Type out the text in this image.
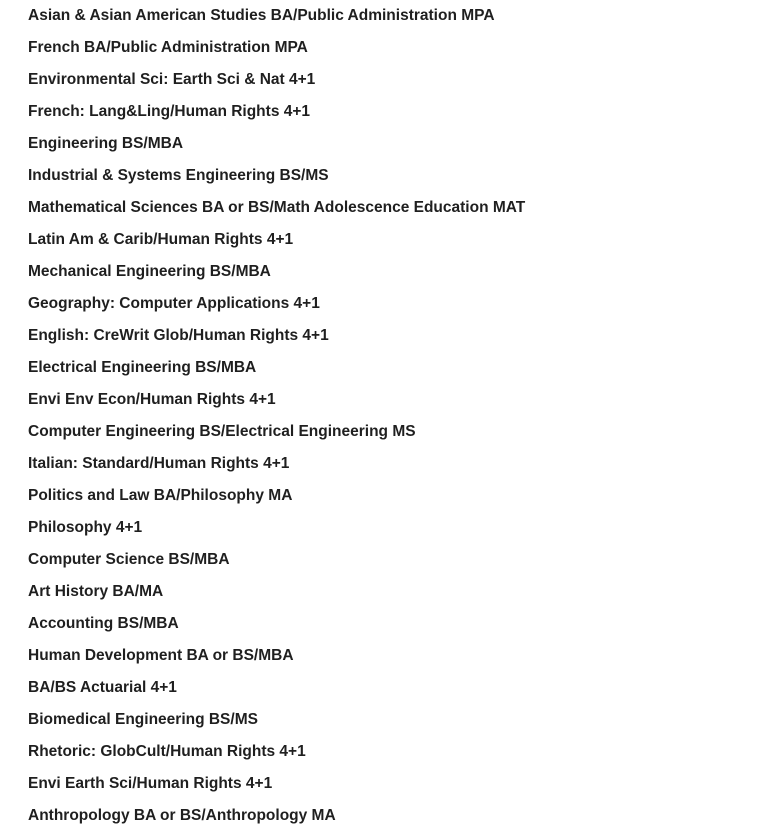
Asian & Asian American Studies BA/Public Administration MPA
French BA/Public Administration MPA
Environmental Sci: Earth Sci & Nat 4+1
French: Lang&Ling/Human Rights 4+1
Engineering BS/MBA
Industrial & Systems Engineering BS/MS
Mathematical Sciences BA or BS/Math Adolescence Education MAT
Latin Am & Carib/Human Rights 4+1
Mechanical Engineering BS/MBA
Geography: Computer Applications 4+1
English: CreWrit Glob/Human Rights 4+1
Electrical Engineering BS/MBA
Envi Env Econ/Human Rights 4+1
Computer Engineering BS/Electrical Engineering MS
Italian: Standard/Human Rights 4+1
Politics and Law BA/Philosophy MA
Philosophy 4+1
Computer Science BS/MBA
Art History BA/MA
Accounting BS/MBA
Human Development BA or BS/MBA
BA/BS Actuarial 4+1
Biomedical Engineering BS/MS
Rhetoric: GlobCult/Human Rights 4+1
Envi Earth Sci/Human Rights 4+1
Anthropology BA or BS/Anthropology MA
